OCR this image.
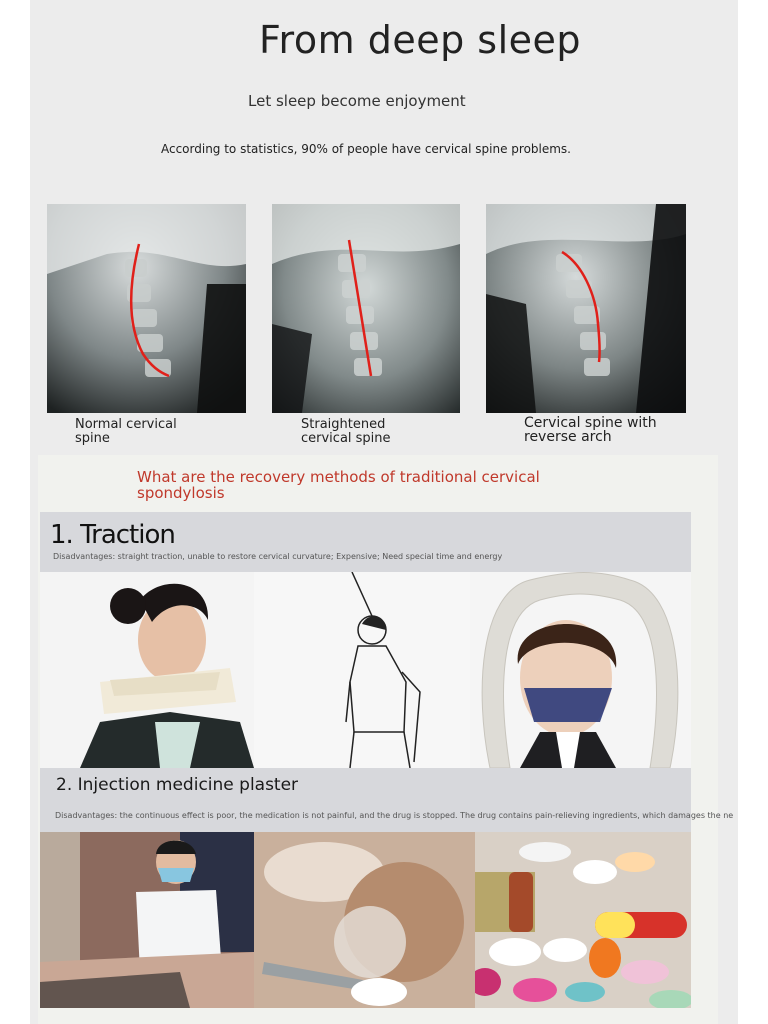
From deep sleep
Let sleep become enjoyment
According to statistics, 90% of people have cervical spine problems.
Normal cervical spine
Straightened cervical spine
Cervical spine with reverse arch
What are the recovery methods of traditional cervical spondylosis
1. Traction
Disadvantages: straight traction, unable to restore cervical curvature; Expensive; Need special time and energy
2. Injection medicine plaster
Disadvantages: the continuous effect is poor, the medication is not painful, and the drug is stopped. The drug contains pain-relieving ingredients, which damages the ne
